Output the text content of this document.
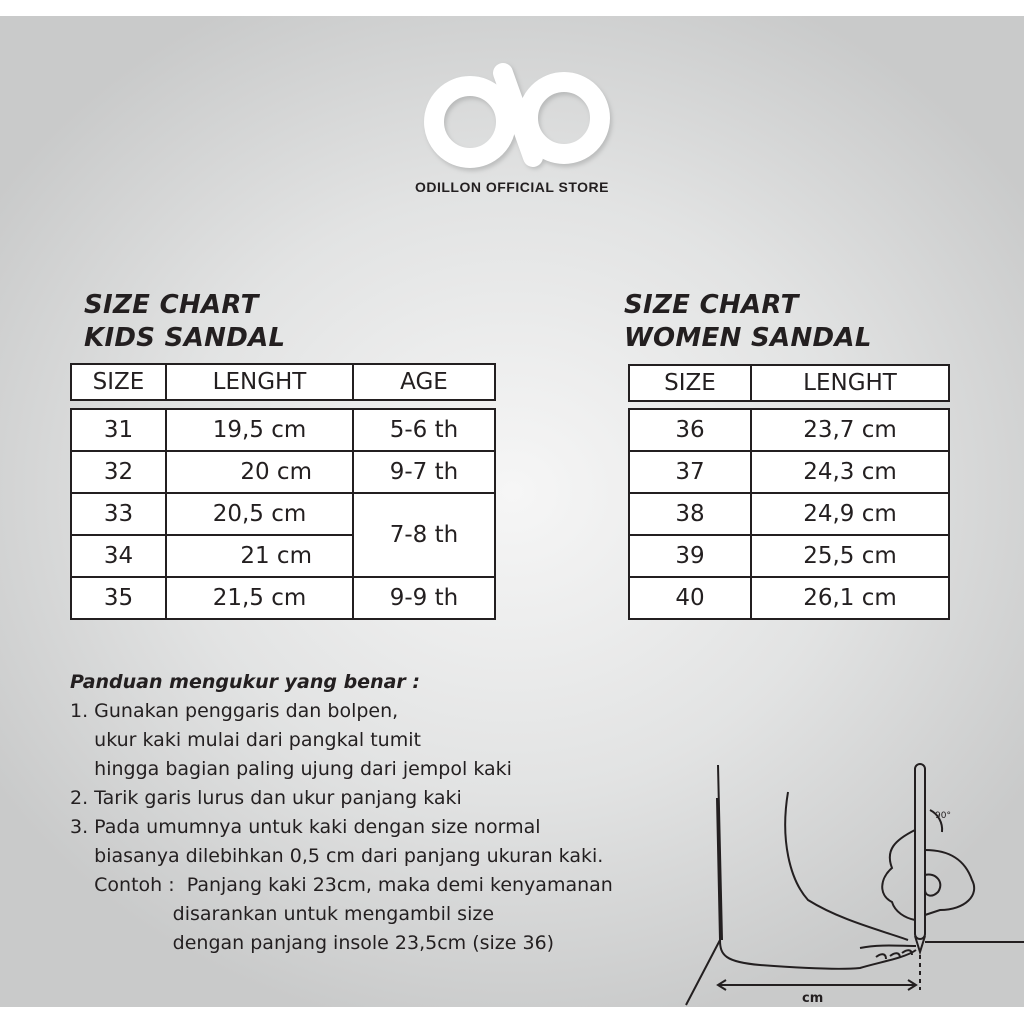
ODILLON OFFICIAL STORE
SIZE CHART
KIDS SANDAL
SIZE	LENGHT	AGE
31	19,5 cm	5-6 th
32	20 cm	9-7 th
33	20,5 cm	7-8 th
34	21 cm	
35	21,5 cm	9-9 th
SIZE CHART
WOMEN SANDAL
SIZE	LENGHT
36	23,7 cm
37	24,3 cm
38	24,9 cm
39	25,5 cm
40	26,1 cm
Panduan mengukur yang benar :
1. Gunakan penggaris dan bolpen,
ukur kaki mulai dari pangkal tumit
hingga bagian paling ujung dari jempol kaki
2. Tarik garis lurus dan ukur panjang kaki
3. Pada umumnya untuk kaki dengan size normal
biasanya dilebihkan 0,5 cm dari panjang ukuran kaki.
Contoh :  Panjang kaki 23cm, maka demi kenyamanan
disarankan untuk mengambil size
dengan panjang insole 23,5cm (size 36)
90°
cm
